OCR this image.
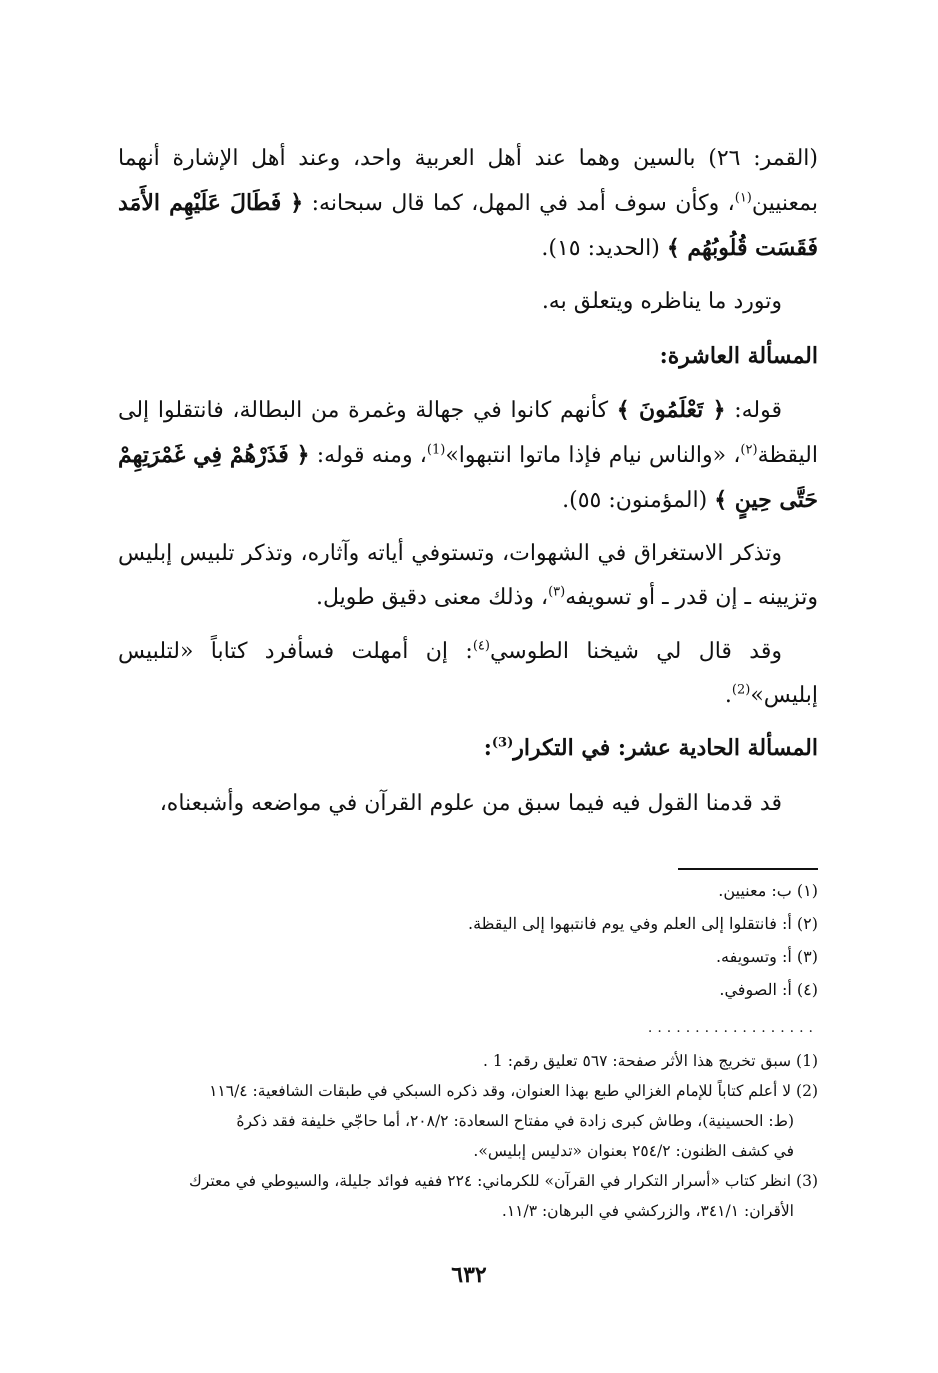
(القمر: ٢٦) بالسين وهما عند أهل العربية واحد، وعند أهل الإشارة أنهما بمعنيين$^{(١)}$، وكأن سوف أمد في المهل، كما قال سبحانه: ﴿ فَطَالَ عَلَيْهِم الأَمَد فَقَسَت قُلُوبُهُم ﴾ (الحديد: ١٥).

وتورد ما يناظره ويتعلق به.

المسألة العاشرة:

قوله: ﴿ تَعْلَمُونَ ﴾ كأنهم كانوا في جهالة وغمرة من البطالة، فانتقلوا إلى اليقظة$^{(٢)}$، «والناس نيام فإذا ماتوا انتبهوا»$^{(1)}$، ومنه قوله: ﴿ فَذَرْهُمْ فِي غَمْرَتِهِمْ حَتَّى حِينٍ ﴾ (المؤمنون: ٥٥).

وتذكر الاستغراق في الشهوات، وتستوفي أياته وآثاره، وتذكر تلبيس إبليس وتزيينه ـ إن قدر ـ أو تسويفه$^{(٣)}$، وذلك معنى دقيق طويل.

وقد قال لي شيخنا الطوسي$^{(٤)}$: إن أمهلت فسأفرد كتاباً «لتلبيس إبليس»$^{(2)}$.

المسألة الحادية عشر: في التكرار$^{(3)}$:

قد قدمنا القول فيه فيما سبق من علوم القرآن في مواضعه وأشبعناه،

(١) ب: معنيين.
(٢) أ: فانتقلوا إلى العلم وفي يوم فانتبهوا إلى اليقظة.
(٣) أ: وتسويفه.
(٤) أ: الصوفي.
..................
(1) سبق تخريج هذا الأثر صفحة: ٥٦٧ تعليق رقم: 1 .
(2) لا أعلم كتاباً للإمام الغزالي طبع بهذا العنوان، وقد ذكره السبكي في طبقات الشافعية: ١١٦/٤
(ط: الحسينية)، وطاش كبرى زادة في مفتاح السعادة: ٢٠٨/٢، أما حاجّي خليفة فقد ذكرهُ
في كشف الظنون: ٢٥٤/٢ بعنوان «تدليس إبليس».
(3) انظر كتاب «أسرار التكرار في القرآن» للكرماني: ٢٢٤ ففيه فوائد جليلة، والسيوطي في معترك
الأقران: ٣٤١/١، والزركشي في البرهان: ١١/٣.
٦٣٢
